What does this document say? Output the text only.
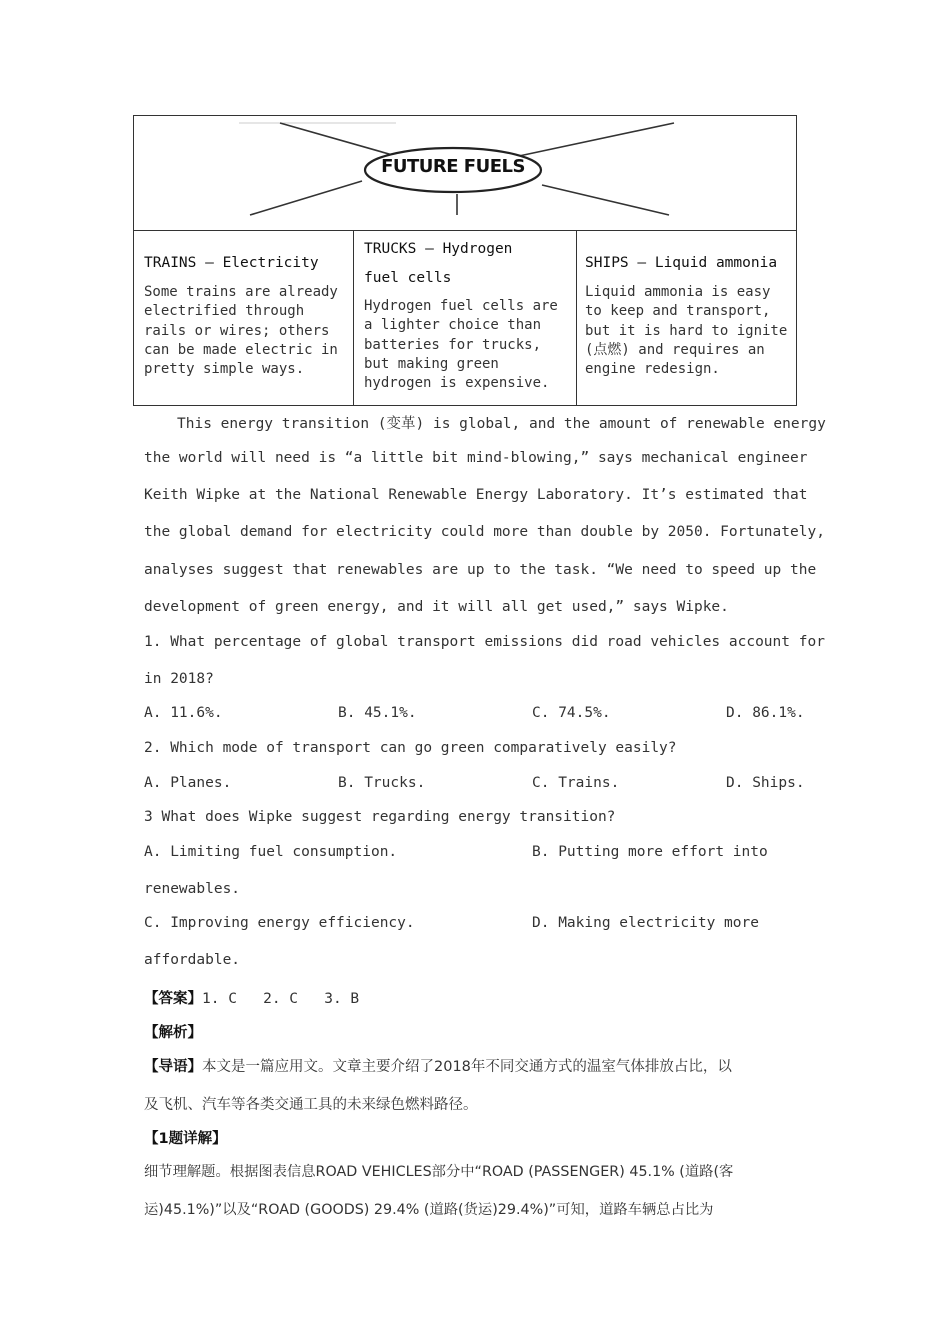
FUTURE FUELS
TRAINS — Electricity
Some trains are already
electrified through
rails or wires; others
can be made electric in
pretty simple ways.
TRUCKS — Hydrogen
fuel cells
Hydrogen fuel cells are
a lighter choice than
batteries for trucks,
but making green
hydrogen is expensive.
SHIPS — Liquid ammonia
Liquid ammonia is easy
to keep and transport,
but it is hard to ignite
(点燃) and requires an
engine redesign.
This energy transition (变革) is global, and the amount of renewable energy
the world will need is “a little bit mind-blowing,” says mechanical engineer
Keith Wipke at the National Renewable Energy Laboratory. It’s estimated that
the global demand for electricity could more than double by 2050. Fortunately,
analyses suggest that renewables are up to the task. “We need to speed up the
development of green energy, and it will all get used,” says Wipke.
1. What percentage of global transport emissions did road vehicles account for
in 2018?
A. 11.6%.	B. 45.1%.	C. 74.5%.	D. 86.1%.
2. Which mode of transport can go green comparatively easily?
A. Planes.	B. Trucks.	C. Trains.	D. Ships.
3 What does Wipke suggest regarding energy transition?
A. Limiting fuel consumption.	B. Putting more effort into
renewables.
C. Improving energy efficiency.	D. Making electricity more
affordable.
【答案】1. C   2. C   3. B
【解析】
【导语】本文是一篇应用文。文章主要介绍了2018年不同交通方式的温室气体排放占比，以
及飞机、汽车等各类交通工具的未来绿色燃料路径。
【1题详解】
细节理解题。根据图表信息ROAD VEHICLES部分中“ROAD (PASSENGER) 45.1% (道路(客
运)45.1%)”以及“ROAD (GOODS) 29.4% (道路(货运)29.4%)”可知，道路车辆总占比为
